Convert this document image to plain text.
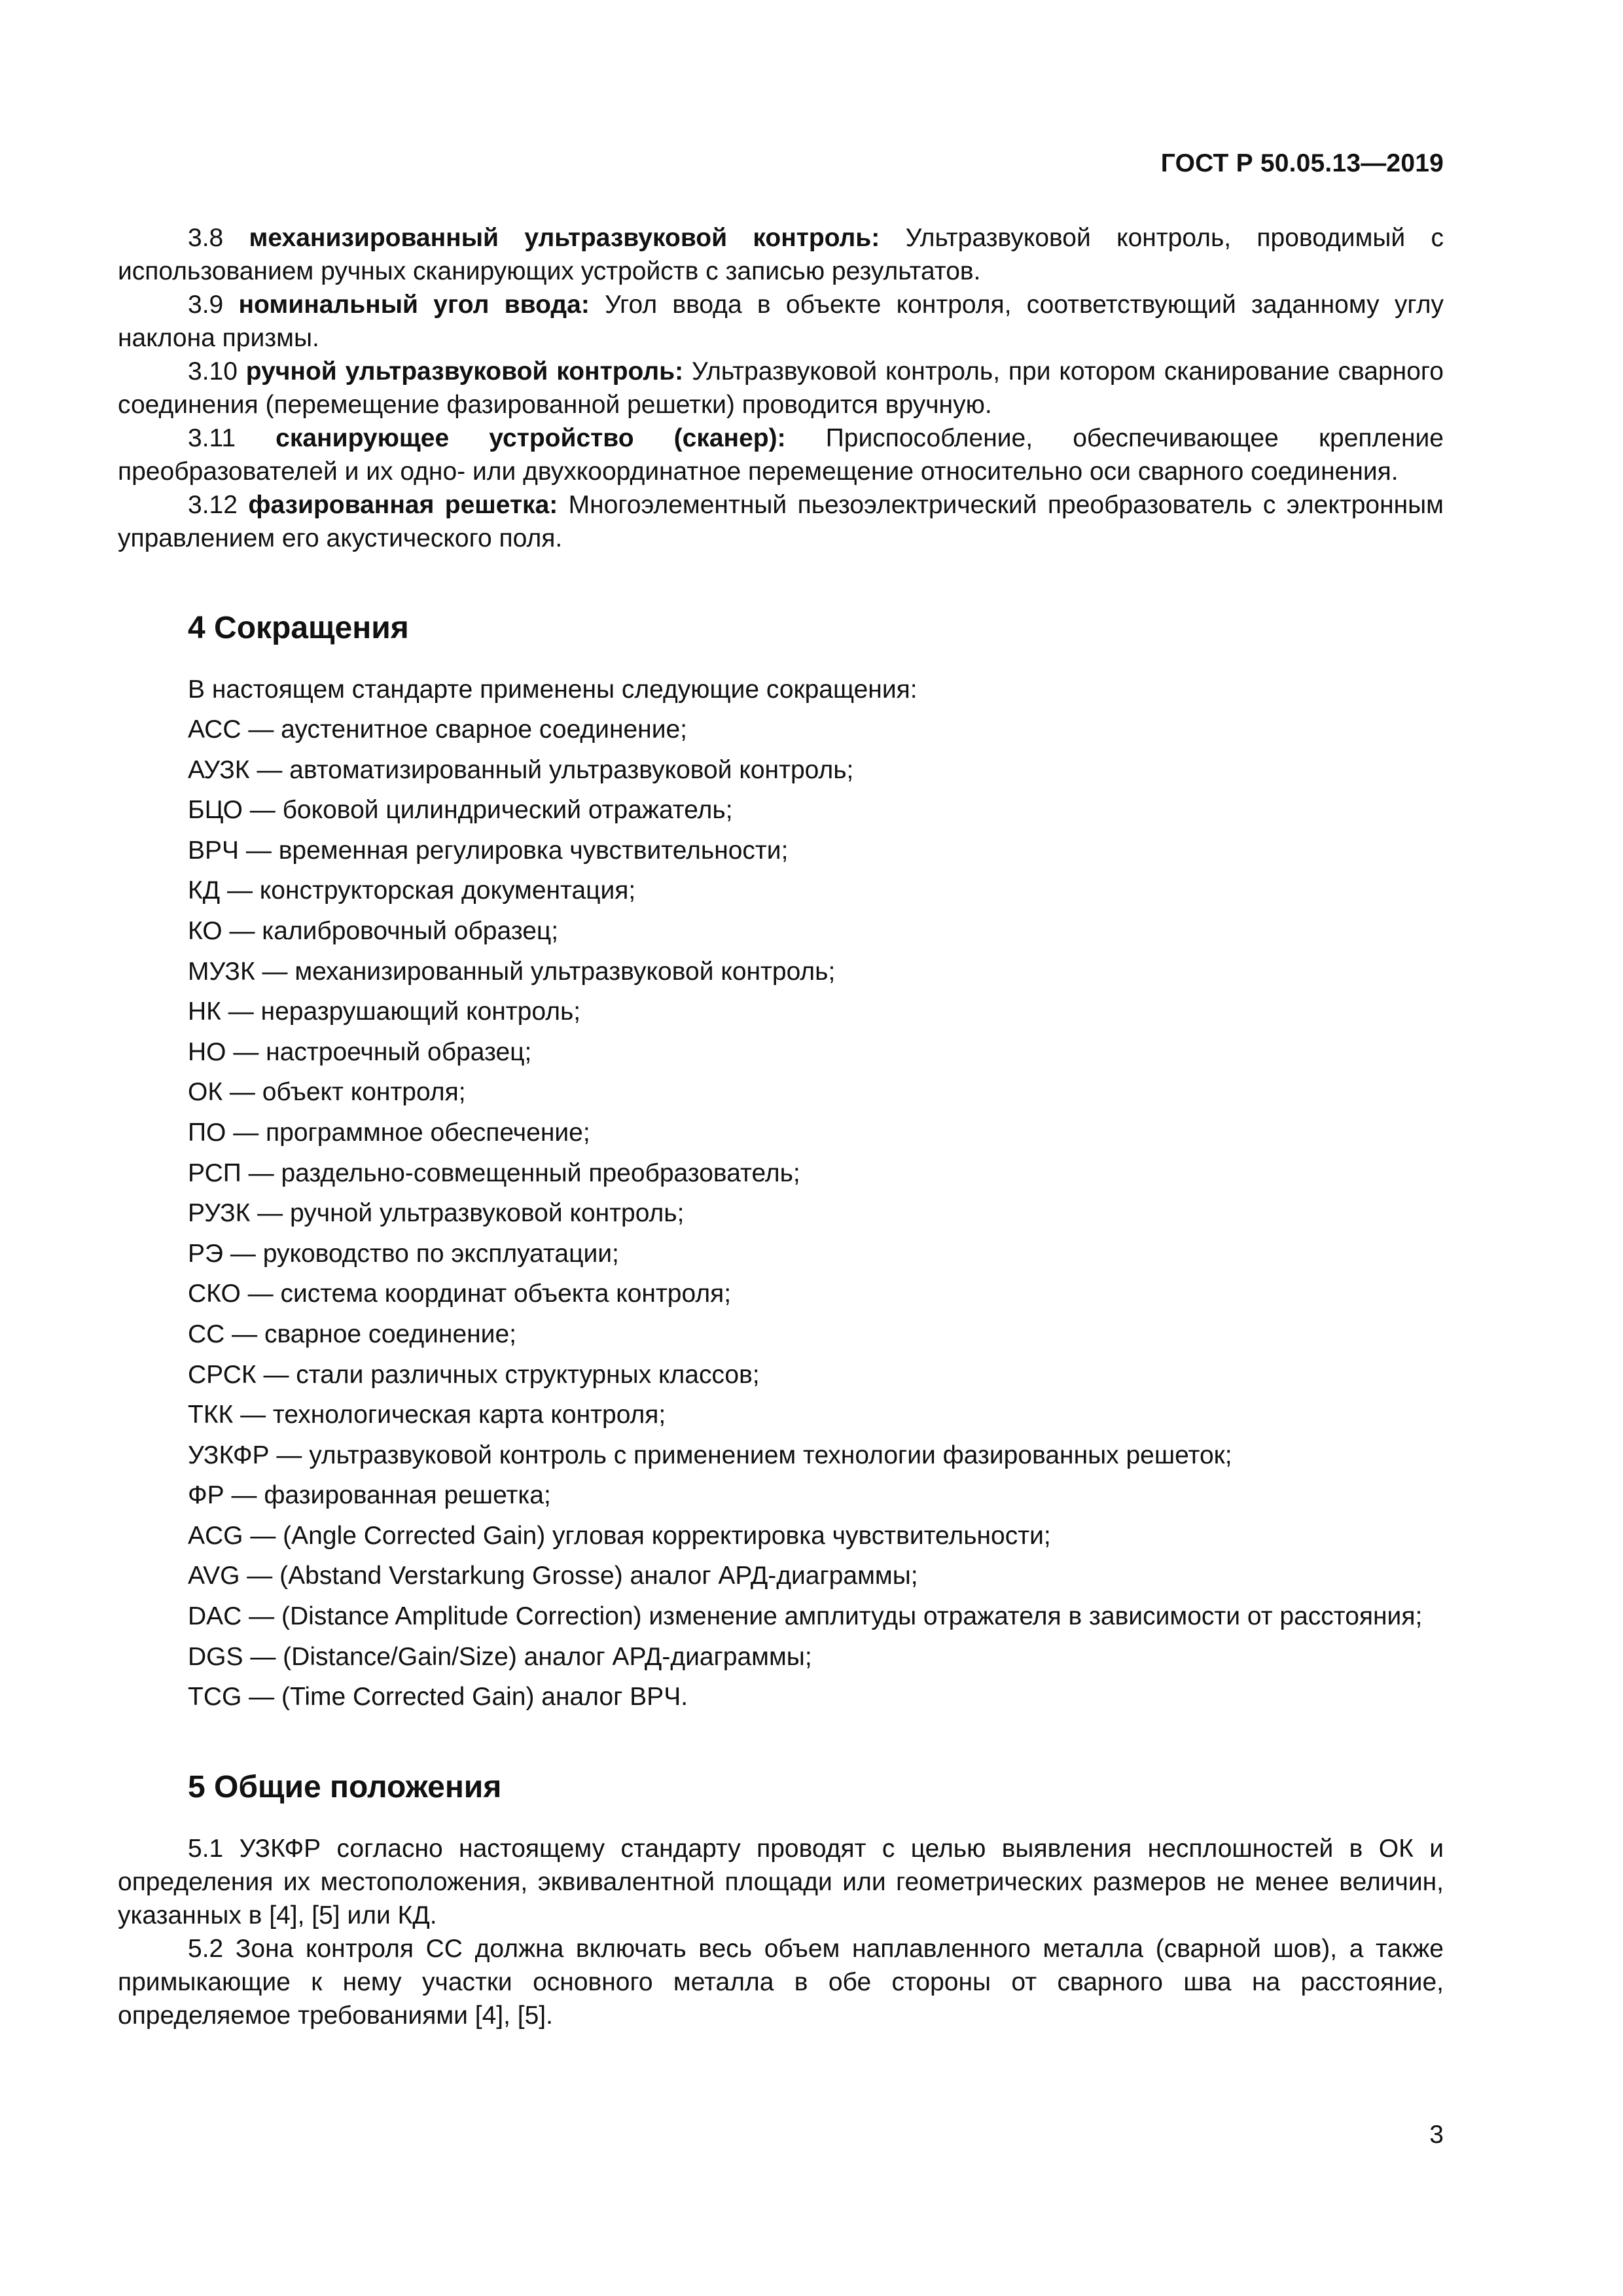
ГОСТ Р 50.05.13—2019

3.8 механизированный ультразвуковой контроль: Ультразвуковой контроль, проводимый с использованием ручных сканирующих устройств с записью результатов.

3.9 номинальный угол ввода: Угол ввода в объекте контроля, соответствующий заданному углу наклона призмы.

3.10 ручной ультразвуковой контроль: Ультразвуковой контроль, при котором сканирование сварного соединения (перемещение фазированной решетки) проводится вручную.

3.11 сканирующее устройство (сканер): Приспособление, обеспечивающее крепление преобразователей и их одно- или двухкоординатное перемещение относительно оси сварного соединения.

3.12 фазированная решетка: Многоэлементный пьезоэлектрический преобразователь с электронным управлением его акустического поля.

4 Сокращения

В настоящем стандарте применены следующие сокращения:

АСС — аустенитное сварное соединение;

АУЗК — автоматизированный ультразвуковой контроль;

БЦО — боковой цилиндрический отражатель;

ВРЧ — временная регулировка чувствительности;

КД — конструкторская документация;

КО — калибровочный образец;

МУЗК — механизированный ультразвуковой контроль;

НК — неразрушающий контроль;

НО — настроечный образец;

ОК — объект контроля;

ПО — программное обеспечение;

РСП — раздельно-совмещенный преобразователь;

РУЗК — ручной ультразвуковой контроль;

РЭ — руководство по эксплуатации;

СКО — система координат объекта контроля;

СС — сварное соединение;

СРСК — стали различных структурных классов;

ТКК — технологическая карта контроля;

УЗКФР — ультразвуковой контроль с применением технологии фазированных решеток;

ФР — фазированная решетка;

ACG — (Angle Corrected Gain) угловая корректировка чувствительности;

AVG — (Abstand Verstarkung Grosse) аналог АРД-диаграммы;

DAC — (Distance Amplitude Correction) изменение амплитуды отражателя в зависимости от расстояния;

DGS — (Distance/Gain/Size) аналог АРД-диаграммы;

TCG — (Time Corrected Gain) аналог ВРЧ.

5 Общие положения

5.1 УЗКФР согласно настоящему стандарту проводят с целью выявления несплошностей в ОК и определения их местоположения, эквивалентной площади или геометрических размеров не менее величин, указанных в [4], [5] или КД.

5.2 Зона контроля СС должна включать весь объем наплавленного металла (сварной шов), а также примыкающие к нему участки основного металла в обе стороны от сварного шва на расстояние, определяемое требованиями [4], [5].

3
